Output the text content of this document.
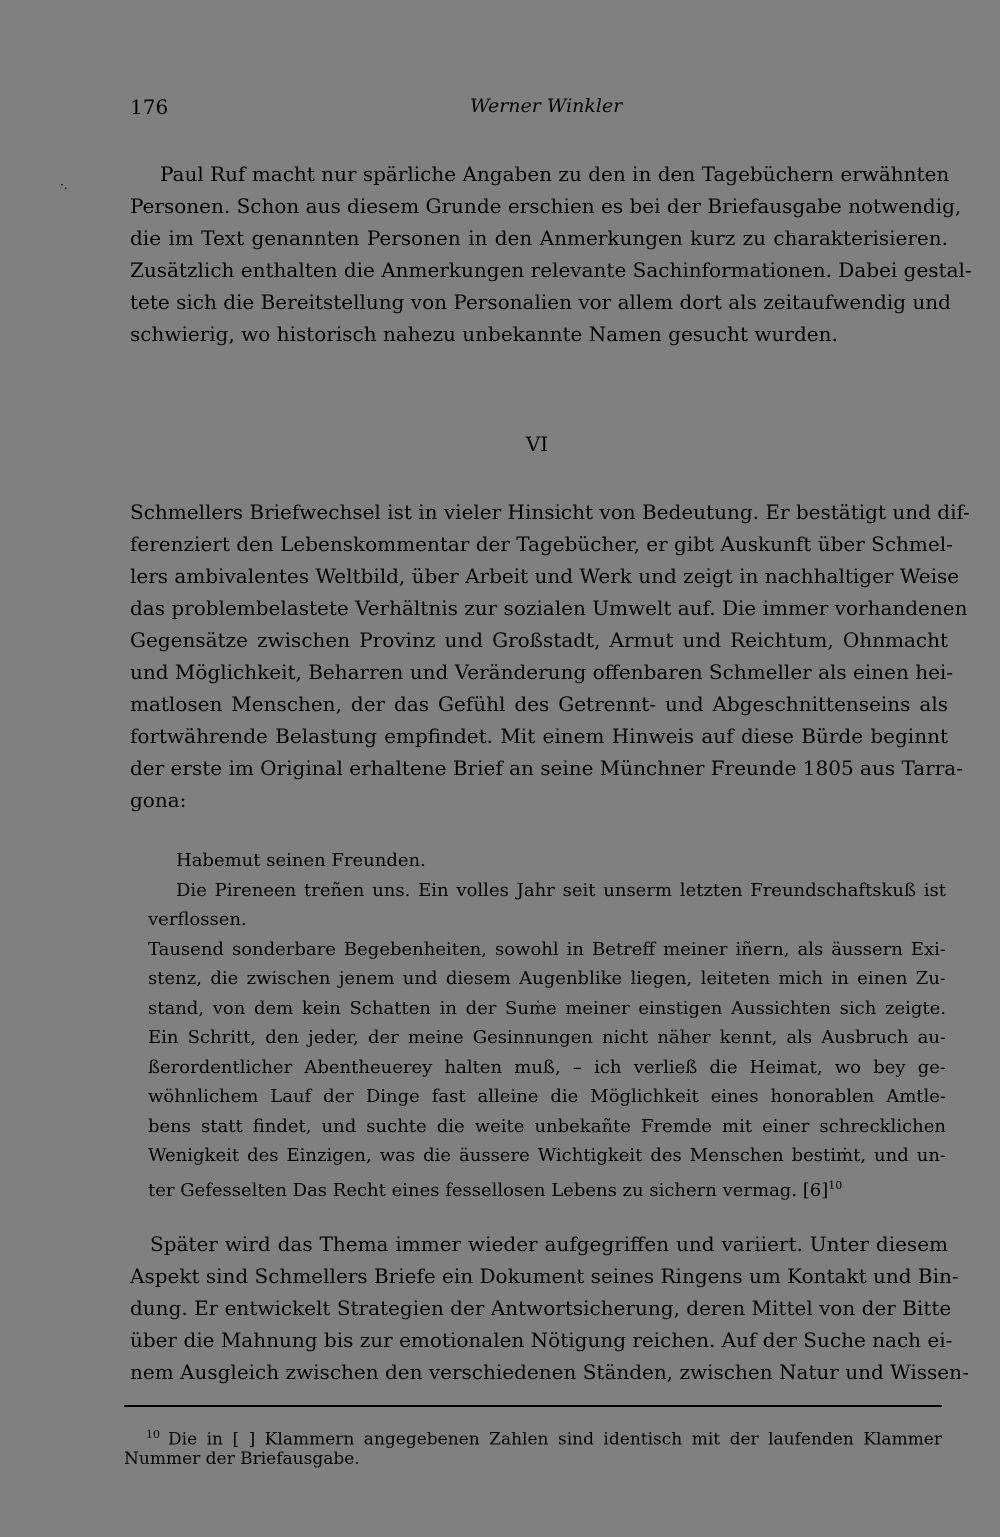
176	Werner Winkler
·.	Paul Ruf macht nur spärliche Angaben zu den in den Tagebüchern erwähnten
Personen. Schon aus diesem Grunde erschien es bei der Briefausgabe notwendig,
die im Text genannten Personen in den Anmerkungen kurz zu charakterisieren.
Zusätzlich enthalten die Anmerkungen relevante Sachinformationen. Dabei gestal-
tete sich die Bereitstellung von Personalien vor allem dort als zeitaufwendig und
schwierig, wo historisch nahezu unbekannte Namen gesucht wurden.
VI
Schmellers Briefwechsel ist in vieler Hinsicht von Bedeutung. Er bestätigt und dif-
ferenziert den Lebenskommentar der Tagebücher, er gibt Auskunft über Schmel-
lers ambivalentes Weltbild, über Arbeit und Werk und zeigt in nachhaltiger Weise
das problembelastete Verhältnis zur sozialen Umwelt auf. Die immer vorhandenen
Gegensätze zwischen Provinz und Großstadt, Armut und Reichtum, Ohnmacht
und Möglichkeit, Beharren und Veränderung offenbaren Schmeller als einen hei-
matlosen Menschen, der das Gefühl des Getrennt- und Abgeschnittenseins als
fortwährende Belastung empfindet. Mit einem Hinweis auf diese Bürde beginnt
der erste im Original erhaltene Brief an seine Münchner Freunde 1805 aus Tarra-
gona:
Habemut seinen Freunden.
Die Pireneen treñen uns. Ein volles Jahr seit unserm letzten Freundschaftskuß ist
verflossen.
Tausend sonderbare Begebenheiten, sowohl in Betreff meiner iñern, als äussern Exi-
stenz, die zwischen jenem und diesem Augenblike liegen, leiteten mich in einen Zu-
stand, von dem kein Schatten in der Suṁe meiner einstigen Aussichten sich zeigte.
Ein Schritt, den jeder, der meine Gesinnungen nicht näher kennt, als Ausbruch au-
ßerordentlicher Abentheuerey halten muß, – ich verließ die Heimat, wo bey ge-
wöhnlichem Lauf der Dinge fast alleine die Möglichkeit eines honorablen Amtle-
bens statt findet, und suchte die weite unbekañte Fremde mit einer schrecklichen
Wenigkeit des Einzigen, was die äussere Wichtigkeit des Menschen bestiṁt, und un-
ter Gefesselten Das Recht eines fessellosen Lebens zu sichern vermag. $[6]^{10}$
Später wird das Thema immer wieder aufgegriffen und variiert. Unter diesem
Aspekt sind Schmellers Briefe ein Dokument seines Ringens um Kontakt und Bin-
dung. Er entwickelt Strategien der Antwortsicherung, deren Mittel von der Bitte
über die Mahnung bis zur emotionalen Nötigung reichen. Auf der Suche nach ei-
nem Ausgleich zwischen den verschiedenen Ständen, zwischen Natur und Wissen-
$^{10}$ Die in [ ] Klammern angegebenen Zahlen sind identisch mit der laufenden Klammer
Nummer der Briefausgabe.
